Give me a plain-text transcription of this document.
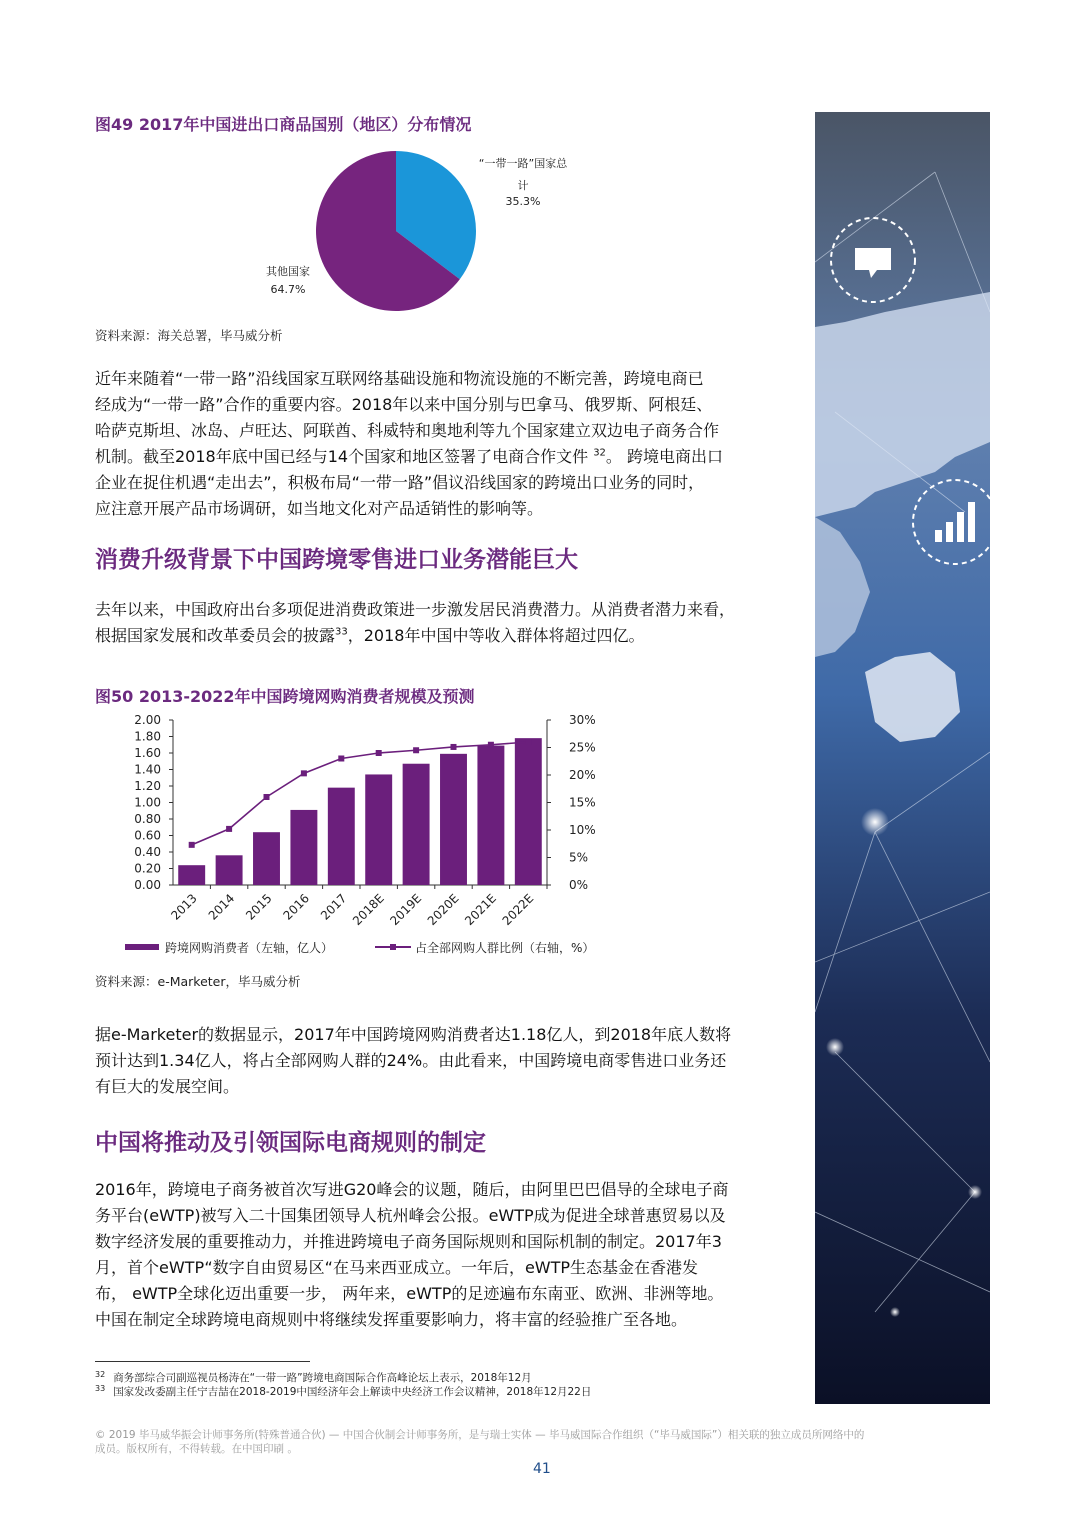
图49 2017年中国进出口商品国别（地区）分布情况
“一带一路”国家总
计
35.3%
其他国家
64.7%
资料来源：海关总署，毕马威分析

近年来随着“一带一路”沿线国家互联网络基础设施和物流设施的不断完善，跨境电商已

经成为“一带一路”合作的重要内容。2018年以来中国分别与巴拿马、俄罗斯、阿根廷、

哈萨克斯坦、冰岛、卢旺达、阿联酋、科威特和奥地利等九个国家建立双边电子商务合作

机制。截至2018年底中国已经与14个国家和地区签署了电商合作文件 $^{32}$。 跨境电商出口

企业在捉住机遇“走出去”，积极布局“一带一路”倡议沿线国家的跨境出口业务的同时，

应注意开展产品市场调研，如当地文化对产品适销性的影响等。

消费升级背景下中国跨境零售进口业务潜能巨大

去年以来，中国政府出台多项促进消费政策进一步激发居民消费潜力。从消费者潜力来看，

根据国家发展和改革委员会的披露$^{33}$，2018年中国中等收入群体将超过四亿。

图50 2013-2022年中国跨境网购消费者规模及预测
0.00
0.20
0.40
0.60
0.80
1.00
1.20
1.40
1.60
1.80
2.00
0%
5%
10%
15%
20%
25%
30%
2013 2014 2015 2016 2017 2018E 2019E 2020E 2021E 2022E
跨境网购消费者（左轴，亿人）	占全部网购人群比例（右轴，%）
资料来源：e-Marketer，毕马威分析

据e-Marketer的数据显示，2017年中国跨境网购消费者达1.18亿人，到2018年底人数将

预计达到1.34亿人，将占全部网购人群的24%。由此看来，中国跨境电商零售进口业务还

有巨大的发展空间。

中国将推动及引领国际电商规则的制定

2016年，跨境电子商务被首次写进G20峰会的议题，随后，由阿里巴巴倡导的全球电子商

务平台(eWTP)被写入二十国集团领导人杭州峰会公报。eWTP成为促进全球普惠贸易以及

数字经济发展的重要推动力，并推进跨境电子商务国际规则和国际机制的制定。2017年3

月，首个eWTP“数字自由贸易区“在马来西亚成立。一年后，eWTP生态基金在香港发

布， eWTP全球化迈出重要一步， 两年来，eWTP的足迹遍布东南亚、欧洲、非洲等地。

中国在制定全球跨境电商规则中将继续发挥重要影响力，将丰富的经验推广至各地。

$^{32}$ 商务部综合司副巡视员杨涛在“一带一路”跨境电商国际合作高峰论坛上表示，2018年12月
$^{33}$ 国家发改委副主任宁吉喆在2018-2019中国经济年会上解读中央经济工作会议精神，2018年12月22日
© 2019 毕马威华振会计师事务所(特殊普通合伙) — 中国合伙制会计师事务所，是与瑞士实体 — 毕马威国际合作组织（“毕马威国际”）相关联的独立成员所网络中的
成员。版权所有，不得转载。在中国印刷 。
41
